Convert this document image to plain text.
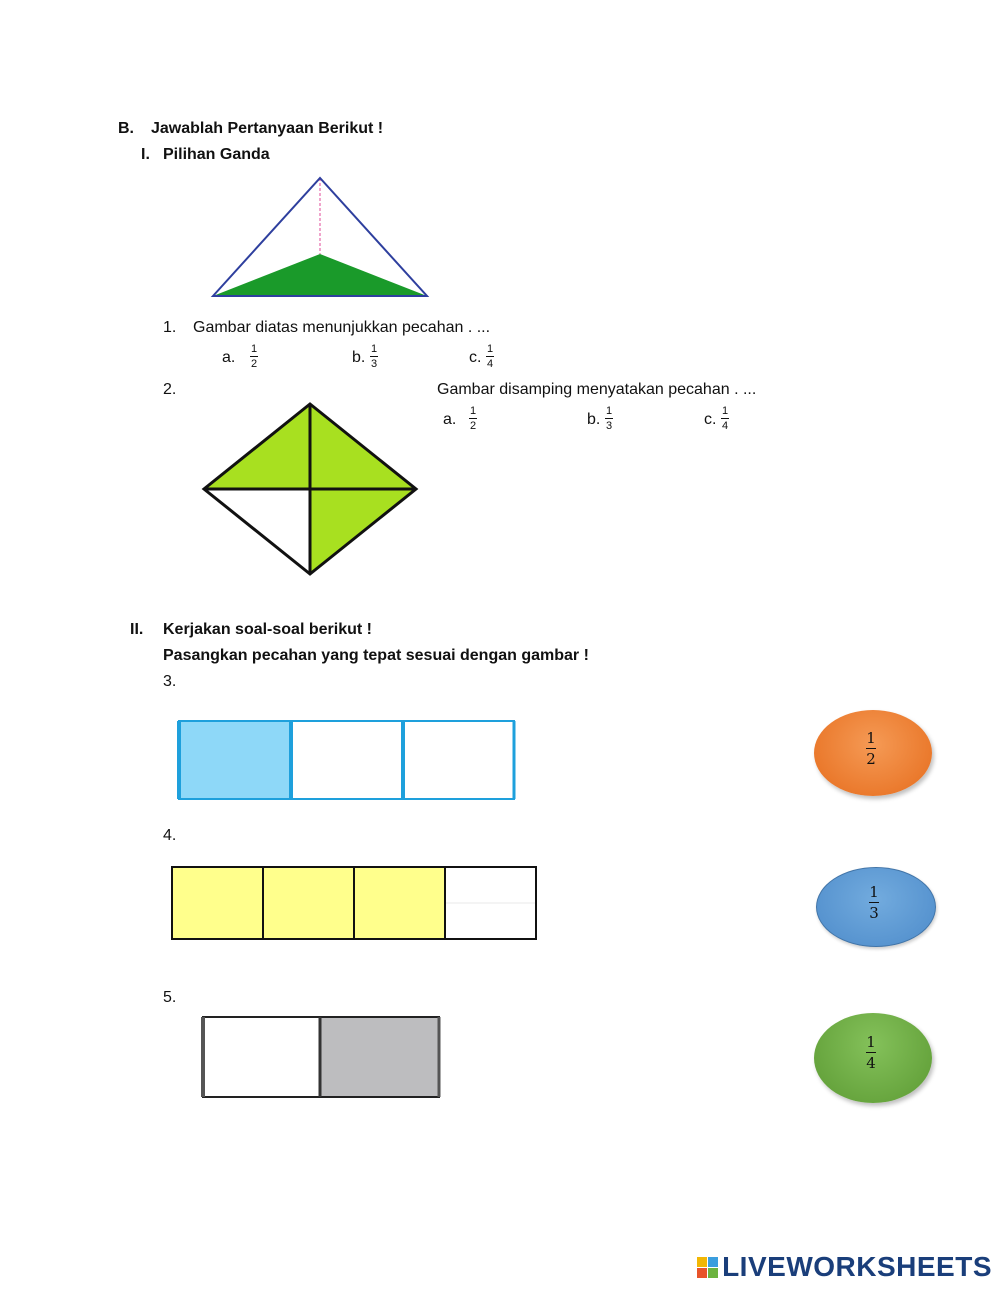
B. Jawablah Pertanyaan Berikut !
I. Pilihan Ganda
1. Gambar diatas menunjukkan pecahan . ...
a. 1
2	b. 1
3	c. 1
4
2.	Gambar disamping menyatakan pecahan . ...
a. 1
2	b. 1
3	c. 1
4
II. Kerjakan soal-soal berikut !
Pasangkan pecahan yang tepat sesuai dengan gambar !
3.
4.
5.
1
2
1
3
1
4
LIVEWORKSHEETS
